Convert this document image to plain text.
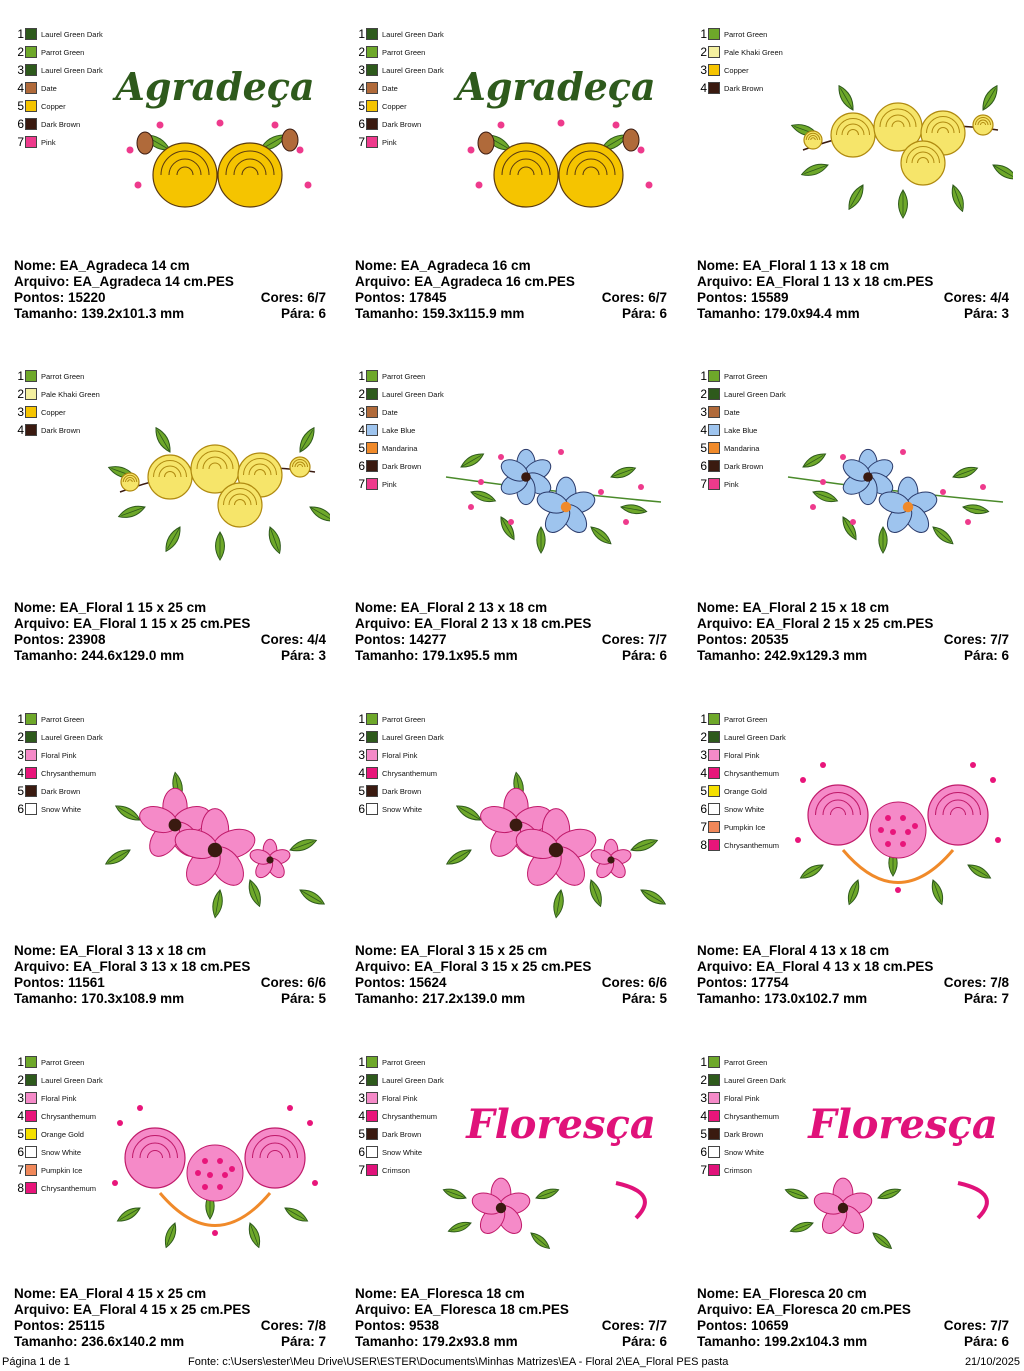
1 Laurel Green Dark
2 Parrot Green
3 Laurel Green Dark
4 Date
5 Copper
6 Dark Brown
7 Pink
Agradeça
Nome: EA_Agradeca 14 cm
Arquivo: EA_Agradeca 14 cm.PES
Pontos: 15220	Cores: 6/7
Tamanho: 139.2x101.3 mm	Pára: 6
1 Laurel Green Dark
2 Parrot Green
3 Laurel Green Dark
4 Date
5 Copper
6 Dark Brown
7 Pink
Agradeça
Nome: EA_Agradeca 16 cm
Arquivo: EA_Agradeca 16 cm.PES
Pontos: 17845	Cores: 6/7
Tamanho: 159.3x115.9 mm	Pára: 6
1 Parrot Green
2 Pale Khaki Green
3 Copper
4 Dark Brown
Nome: EA_Floral 1 13 x 18 cm
Arquivo: EA_Floral 1 13 x 18 cm.PES
Pontos: 15589	Cores: 4/4
Tamanho: 179.0x94.4 mm	Pára: 3
1 Parrot Green
2 Pale Khaki Green
3 Copper
4 Dark Brown
Nome: EA_Floral 1 15 x 25 cm
Arquivo: EA_Floral 1 15 x 25 cm.PES
Pontos: 23908	Cores: 4/4
Tamanho: 244.6x129.0 mm	Pára: 3
1 Parrot Green
2 Laurel Green Dark
3 Date
4 Lake Blue
5 Mandarina
6 Dark Brown
7 Pink
Nome: EA_Floral 2 13 x 18 cm
Arquivo: EA_Floral 2 13 x 18 cm.PES
Pontos: 14277	Cores: 7/7
Tamanho: 179.1x95.5 mm	Pára: 6
1 Parrot Green
2 Laurel Green Dark
3 Date
4 Lake Blue
5 Mandarina
6 Dark Brown
7 Pink
Nome: EA_Floral 2 15 x 18 cm
Arquivo: EA_Floral 2 15 x 25 cm.PES
Pontos: 20535	Cores: 7/7
Tamanho: 242.9x129.3 mm	Pára: 6
1 Parrot Green
2 Laurel Green Dark
3 Floral Pink
4 Chrysanthemum
5 Dark Brown
6 Snow White
Nome: EA_Floral 3 13 x 18 cm
Arquivo: EA_Floral 3 13 x 18 cm.PES
Pontos: 11561	Cores: 6/6
Tamanho: 170.3x108.9 mm	Pára: 5
1 Parrot Green
2 Laurel Green Dark
3 Floral Pink
4 Chrysanthemum
5 Dark Brown
6 Snow White
Nome: EA_Floral 3 15 x 25 cm
Arquivo: EA_Floral 3 15 x 25 cm.PES
Pontos: 15624	Cores: 6/6
Tamanho: 217.2x139.0 mm	Pára: 5
1 Parrot Green
2 Laurel Green Dark
3 Floral Pink
4 Chrysanthemum
5 Orange Gold
6 Snow White
7 Pumpkin Ice
8 Chrysanthemum
Nome: EA_Floral 4 13 x 18 cm
Arquivo: EA_Floral 4 13 x 18 cm.PES
Pontos: 17754	Cores: 7/8
Tamanho: 173.0x102.7 mm	Pára: 7
1 Parrot Green
2 Laurel Green Dark
3 Floral Pink
4 Chrysanthemum
5 Orange Gold
6 Snow White
7 Pumpkin Ice
8 Chrysanthemum
Nome: EA_Floral 4 15 x 25 cm
Arquivo: EA_Floral 4 15 x 25 cm.PES
Pontos: 25115	Cores: 7/8
Tamanho: 236.6x140.2 mm	Pára: 7
1 Parrot Green
2 Laurel Green Dark
3 Floral Pink
4 Chrysanthemum
5 Dark Brown
6 Snow White
7 Crimson
Floresça
Nome: EA_Floresca 18 cm
Arquivo: EA_Floresca 18 cm.PES
Pontos: 9538	Cores: 7/7
Tamanho: 179.2x93.8 mm	Pára: 6
1 Parrot Green
2 Laurel Green Dark
3 Floral Pink
4 Chrysanthemum
5 Dark Brown
6 Snow White
7 Crimson
Floresça
Nome: EA_Floresca 20 cm
Arquivo: EA_Floresca 20 cm.PES
Pontos: 10659	Cores: 7/7
Tamanho: 199.2x104.3 mm	Pára: 6
Página 1 de 1	Fonte: c:\Users\ester\Meu Drive\USER\ESTER\Documents\Minhas Matrizes\EA - Floral 2\EA_Floral PES pasta	21/10/2025
